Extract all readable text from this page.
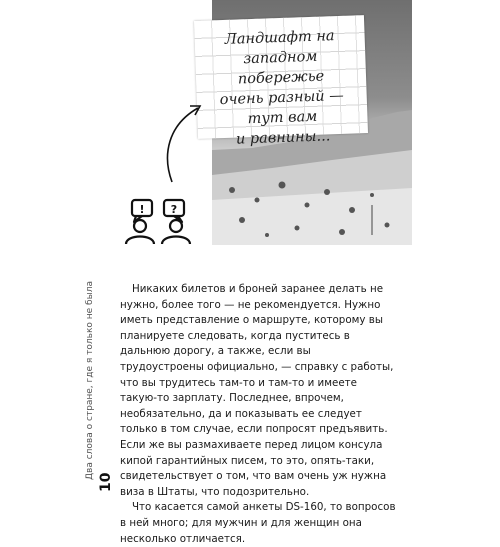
Ландшафт на
западном побережье
очень разный —
тут вам
и равнины...
! ?

Никаких билетов и броней заранее делать не нужно, более того — не рекомендуется. Нужно иметь представление о маршруте, которому вы планируете следовать, когда пуститесь в дальнюю дорогу, а также, если вы трудоустроены официально, — справку с работы, что вы трудитесь там-то и там-то и имеете такую-то зарплату. Последнее, впрочем, необязательно, да и показывать ее следует только в том случае, если попросят предъявить. Если же вы размахиваете перед лицом консула кипой гарантийных писем, то это, опять-таки, свидетельствует о том, что вам очень уж нужна виза в Штаты, что подозрительно.

Что касается самой анкеты DS-160, то вопросов в ней много; для мужчин и для женщин она несколько отличается.

Два слова о стране, где я только не была
10
